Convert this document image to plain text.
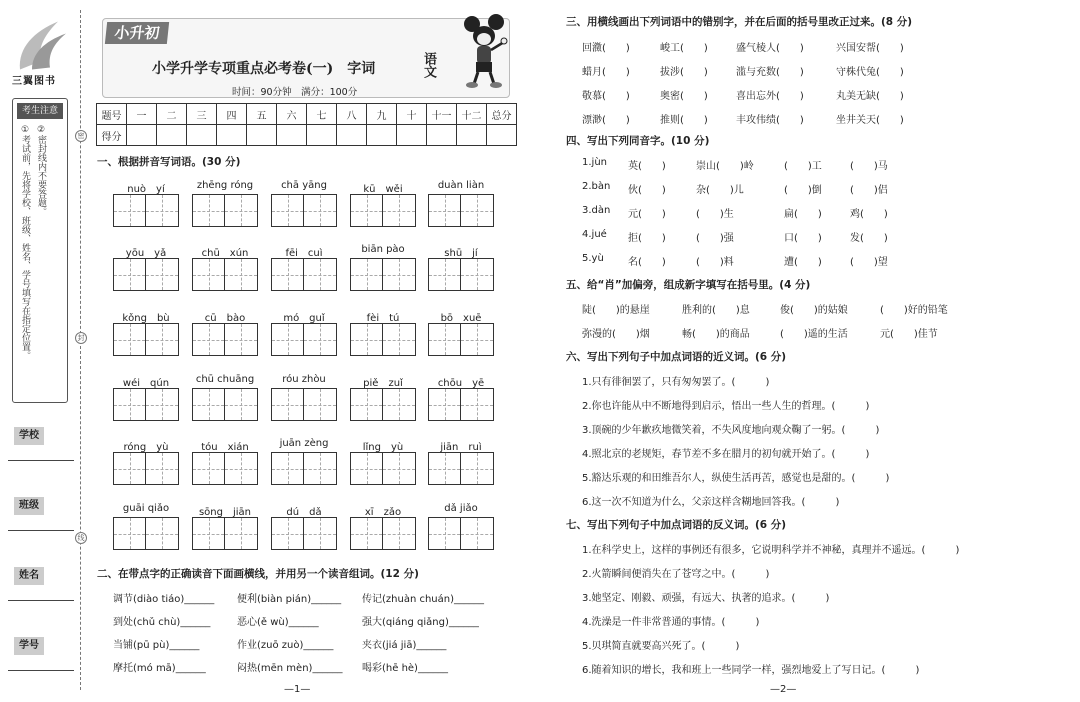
三翼图书
考生注意
①考试前，先将学校、班级、姓名、学号填写在指定位置。 ②密封线内不要答题。
学校
班级
姓名
学号
密
封
线
小升初
小学升学专项重点必考卷(一)　字词	语文
时间：90分钟　满分：100分
题号	一	二	三	四	五	六	七	八	九	十	十一	十二	总分
得分													
一、根据拼音写词语。(30 分)
nuò　yí	zhēng róng	chā yāng	kū　wěi	duàn liàn
yōu　yǎ	chū　xún	fēi　cuì	biān pào	shū　jí
kǒng　bù	cū　bào	mó　guǐ	fèi　tú	bō　xuē
wéi　qún	chū chuāng	róu zhòu	piě　zuǐ	chōu　yē
róng　yù	tóu　xián	juān zèng	lǐng　yù	jiān　ruì
guāi qiǎo	sōng　jiān	dú　dǎ	xī　zǎo	dǎ jiǎo
二、在带点字的正确读音下面画横线，并用另一个读音组词。(12 分)
调节(diào tiáo)______ 便利(biàn pián)______ 传记(zhuàn chuán)______
到处(chǔ chù)______	恶心(ě wù)______	强大(qiáng qiǎng)______
当铺(pū pù)______	作业(zuō zuò)______	夹衣(jiá jiā)______
摩托(mó mā)______	闷热(mēn mèn)______ 喝彩(hē hè)______
—1—
三、用横线画出下列词语中的错别字，并在后面的括号里改正过来。(8 分)
回瀓(　　)	峻工(　　)	盛气棱人(　　)	兴国安帮(　　)
蜡月(　　)	拔涉(　　)	滥与充数(　　)	守株代兔(　　)
敬慕(　　)	奥密(　　)	喜出忘外(　　)	丸美无缺(　　)
漂渺(　　)	推则(　　)	丰攻伟绩(　　)	坐井关天(　　)
四、写出下列同音字。(10 分)
1.jùn 英(　　)	崇山(　　)岭	(　　)工	(　　)马
2.bàn 伙(　　)	杂(　　)儿	(　　)倒	(　　)侣
3.dàn 元(　　)	(　　)生	扁(　　)	鸡(　　)
4.jué 拒(　　)	(　　)强	口(　　)	发(　　)
5.yù 名(　　)	(　　)料	遭(　　)	(　　)望
五、给“肖”加偏旁，组成新字填写在括号里。(4 分)
陡(　　)的悬崖	胜利的(　　)息	俊(　　)的姑娘	(　　)好的铅笔
弥漫的(　　)烟	畅(　　)的商品	(　　)遥的生活	元(　　)佳节
六、写出下列句子中加点词语的近义词。(6 分)
1.只有徘徊罢了，只有匆匆罢了。(　　　)
2.你也许能从中不断地得到启示，悟出一些人生的哲理。(　　　)
3.顶碗的少年歉疚地微笑着，不失风度地向观众鞠了一躬。(　　　)
4.照北京的老规矩，春节差不多在腊月的初旬就开始了。(　　　)
5.豁达乐观的和田维吾尔人，纵使生活再苦，感觉也是甜的。(　　　)
6.这一次不知道为什么，父亲这样含糊地回答我。(　　　)
七、写出下列句子中加点词语的反义词。(6 分)
1.在科学史上，这样的事例还有很多，它说明科学并不神秘，真理并不遥远。(　　　)
2.火箭瞬间便消失在了苍穹之中。(　　　)
3.她坚定、刚毅、顽强，有远大、执著的追求。(　　　)
4.洗澡是一件非常普通的事情。(　　　)
5.贝琪简直就要高兴死了。(　　　)
6.随着知识的增长，我和班上一些同学一样，强烈地爱上了写日记。(　　　)
—2—
